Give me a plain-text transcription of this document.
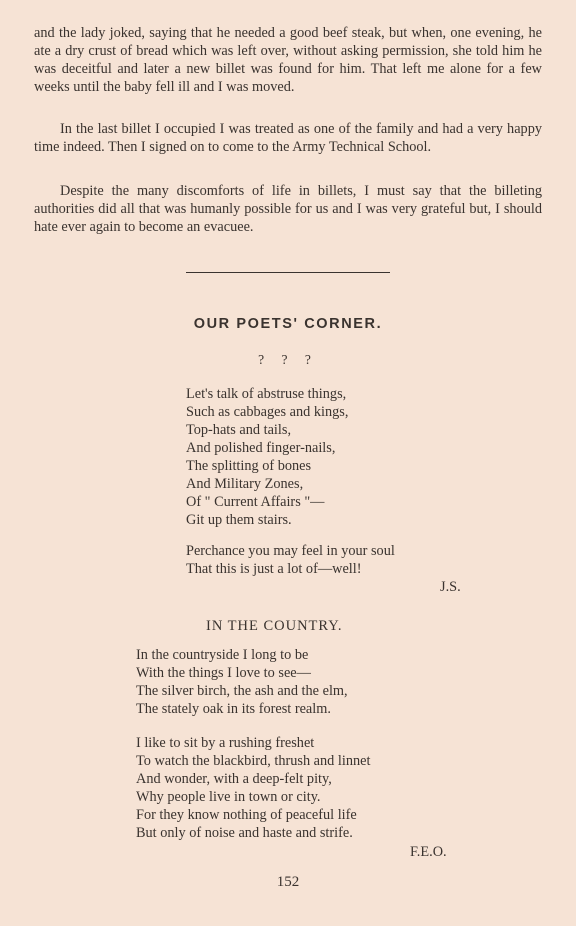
and the lady joked, saying that he needed a good beef steak, but when, one evening, he ate a dry crust of bread which was left over, without asking permission, she told him he was deceitful and later a new billet was found for him. That left me alone for a few weeks until the baby fell ill and I was moved.

In the last billet I occupied I was treated as one of the family and had a very happy time indeed. Then I signed on to come to the Army Technical School.

Despite the many discomforts of life in billets, I must say that the billeting authorities did all that was humanly possible for us and I was very grateful but, I should hate ever again to become an evacuee.

OUR POETS' CORNER.
? ? ?
Let's talk of abstruse things,
Such as cabbages and kings,
Top-hats and tails,
And polished finger-nails,
The splitting of bones
And Military Zones,
Of " Current Affairs "—
Git up them stairs.
Perchance you may feel in your soul
That this is just a lot of—well!
J.S.
IN THE COUNTRY.
In the countryside I long to be
With the things I love to see—
The silver birch, the ash and the elm,
The stately oak in its forest realm.
I like to sit by a rushing freshet
To watch the blackbird, thrush and linnet
And wonder, with a deep-felt pity,
Why people live in town or city.
For they know nothing of peaceful life
But only of noise and haste and strife.
F.E.O.
152
